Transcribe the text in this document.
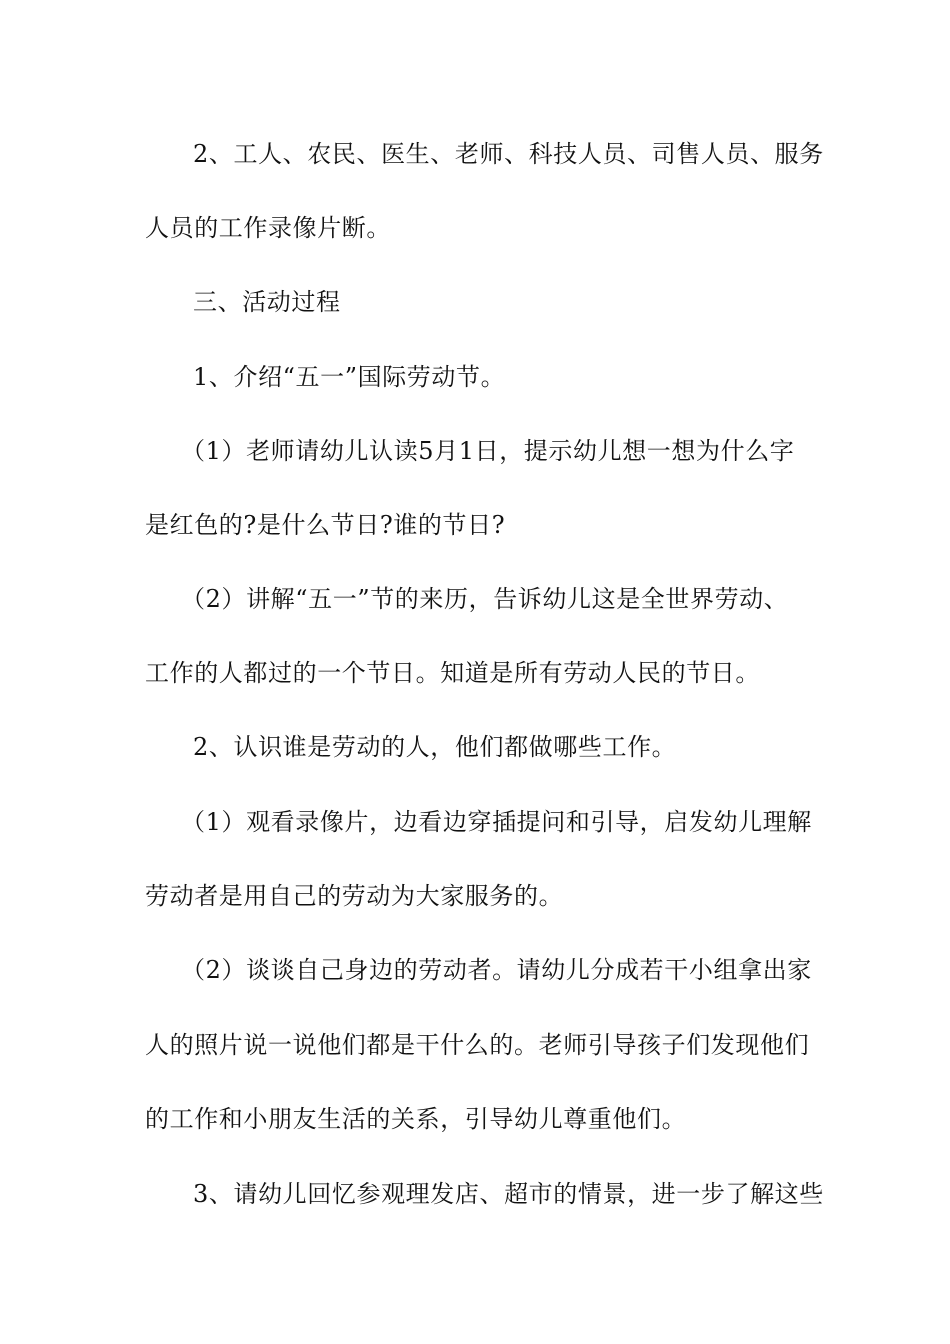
2、工人、农民、医生、老师、科技人员、司售人员、服务
人员的工作录像片断。
三、活动过程
1、介绍“五一”国际劳动节。
（1）老师请幼儿认读5月1日，提示幼儿想一想为什么字
是红色的?是什么节日?谁的节日?
（2）讲解“五一”节的来历，告诉幼儿这是全世界劳动、
工作的人都过的一个节日。知道是所有劳动人民的节日。
2、认识谁是劳动的人，他们都做哪些工作。
（1）观看录像片，边看边穿插提问和引导，启发幼儿理解
劳动者是用自己的劳动为大家服务的。
（2）谈谈自己身边的劳动者。请幼儿分成若干小组拿出家
人的照片说一说他们都是干什么的。老师引导孩子们发现他们
的工作和小朋友生活的关系，引导幼儿尊重他们。
3、请幼儿回忆参观理发店、超市的情景，进一步了解这些
